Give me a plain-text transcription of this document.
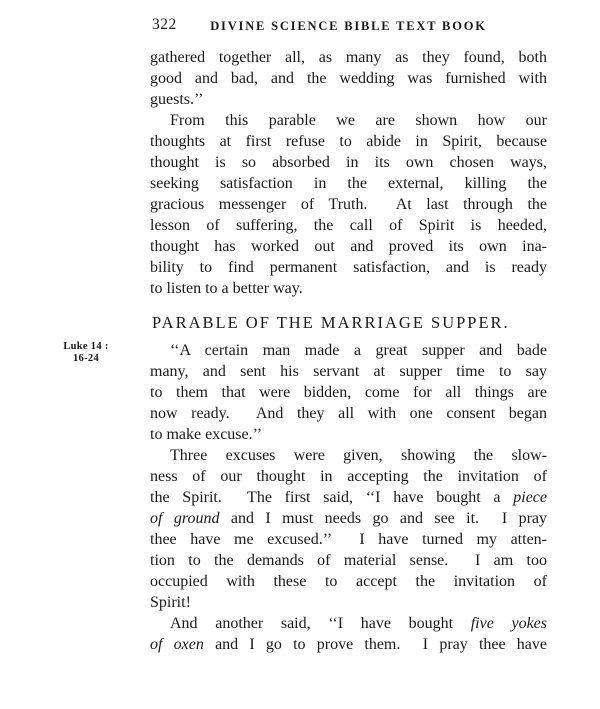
322	DIVINE SCIENCE BIBLE TEXT BOOK
Luke 14 :
16-24
gathered together all, as many as they found, both
good and bad, and the wedding was furnished with
guests.’’
From this parable we are shown how our
thoughts at first refuse to abide in Spirit, because
thought is so absorbed in its own chosen ways,
seeking satisfaction in the external, killing the
gracious messenger of Truth.  At last through the
lesson of suffering, the call of Spirit is heeded,
thought has worked out and proved its own ina-
bility to find permanent satisfaction, and is ready
to listen to a better way.
PARABLE OF THE MARRIAGE SUPPER.
‘‘A certain man made a great supper and bade
many, and sent his servant at supper time to say
to them that were bidden, come for all things are
now ready.  And they all with one consent began
to make excuse.’’
Three excuses were given, showing the slow-
ness of our thought in accepting the invitation of
the Spirit.  The first said, ‘‘I have bought a piece
of ground and I must needs go and see it.  I pray
thee have me excused.’’  I have turned my atten-
tion to the demands of material sense.  I am too
occupied with these to accept the invitation of
Spirit!
And another said, ‘‘I have bought five yokes
of oxen and I go to prove them.  I pray thee have
